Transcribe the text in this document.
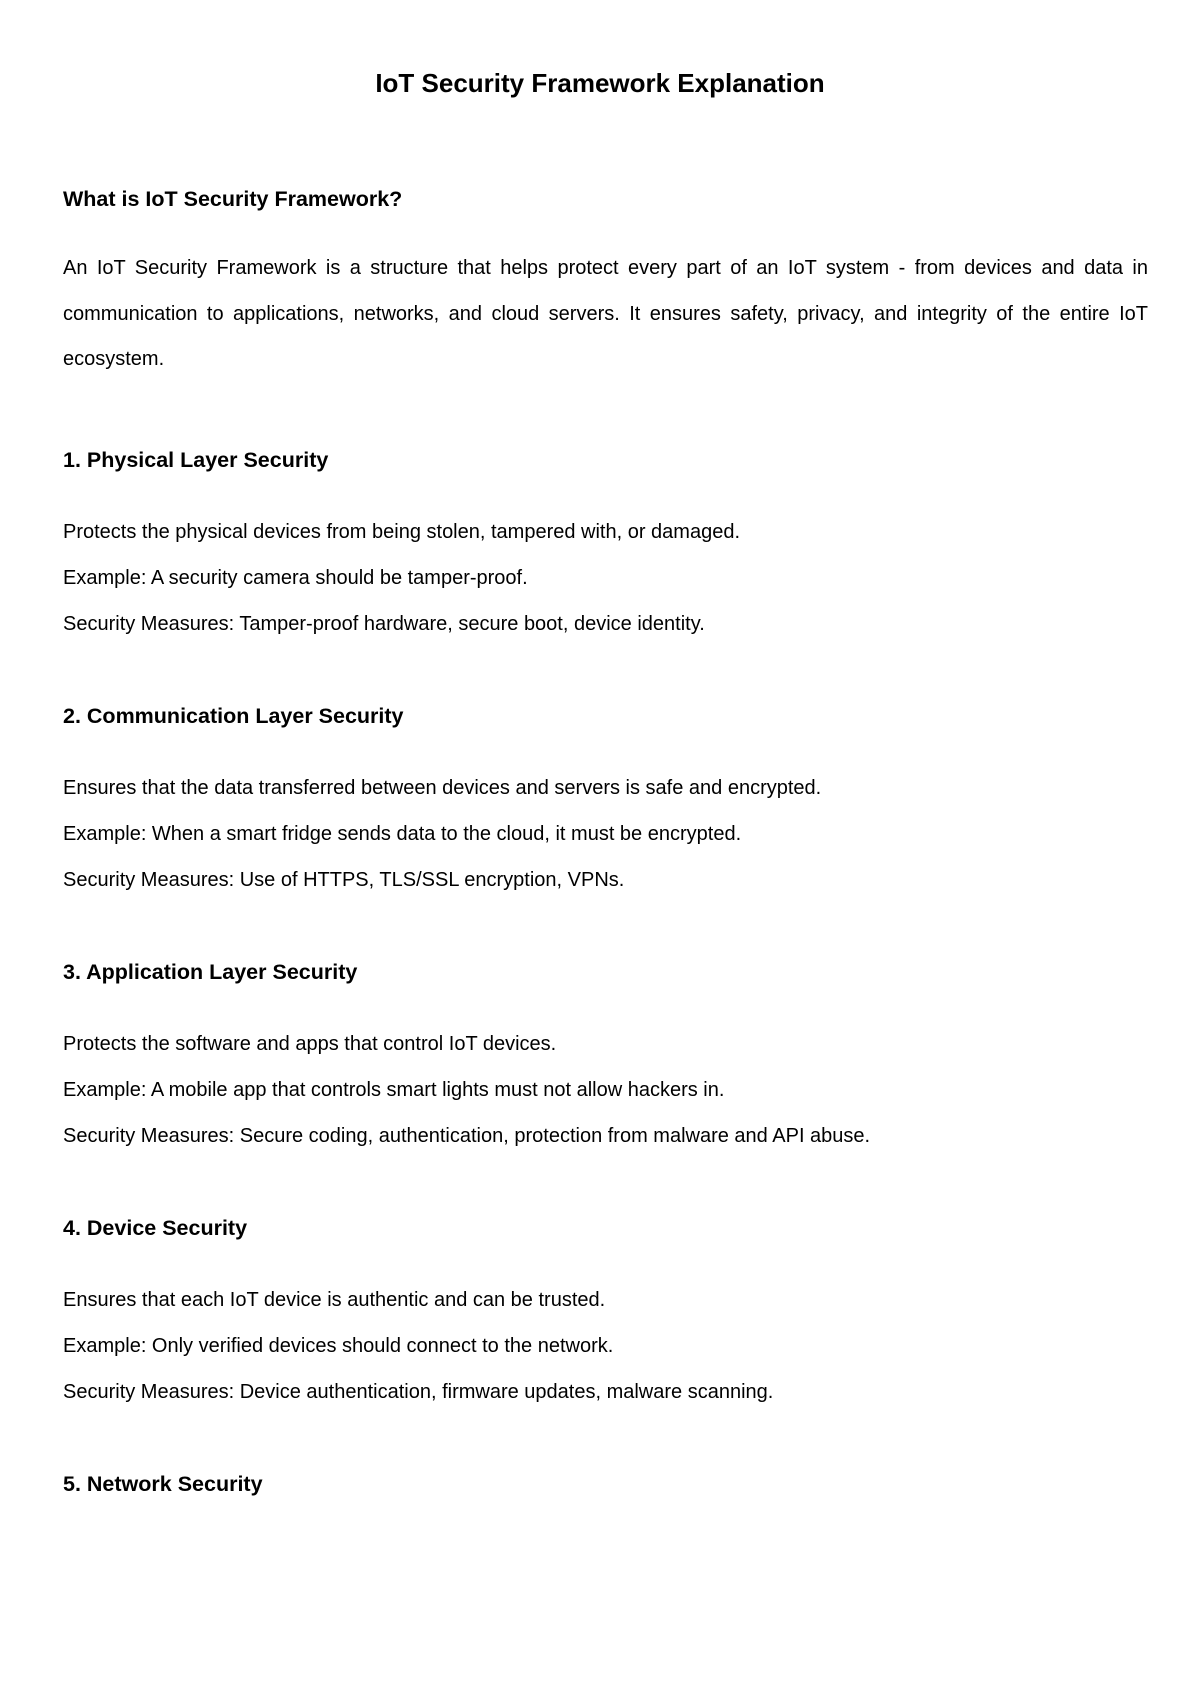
IoT Security Framework Explanation
What is IoT Security Framework?

An IoT Security Framework is a structure that helps protect every part of an IoT system - from devices and data in communication to applications, networks, and cloud servers. It ensures safety, privacy, and integrity of the entire IoT ecosystem.

1. Physical Layer Security

Protects the physical devices from being stolen, tampered with, or damaged.

Example: A security camera should be tamper-proof.

Security Measures: Tamper-proof hardware, secure boot, device identity.

2. Communication Layer Security

Ensures that the data transferred between devices and servers is safe and encrypted.

Example: When a smart fridge sends data to the cloud, it must be encrypted.

Security Measures: Use of HTTPS, TLS/SSL encryption, VPNs.

3. Application Layer Security

Protects the software and apps that control IoT devices.

Example: A mobile app that controls smart lights must not allow hackers in.

Security Measures: Secure coding, authentication, protection from malware and API abuse.

4. Device Security

Ensures that each IoT device is authentic and can be trusted.

Example: Only verified devices should connect to the network.

Security Measures: Device authentication, firmware updates, malware scanning.

5. Network Security
